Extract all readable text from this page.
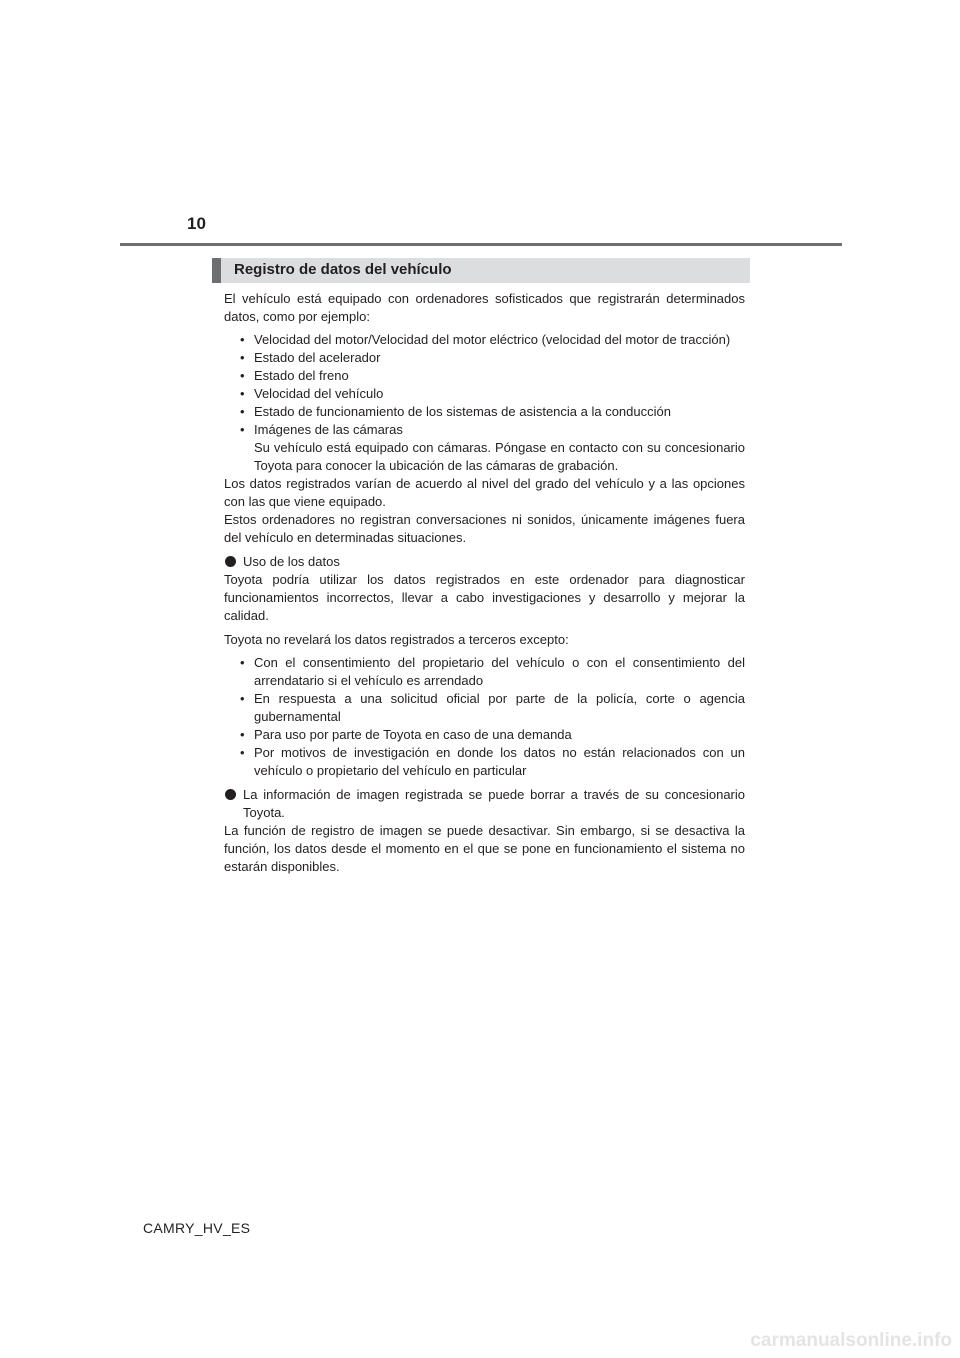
10
Registro de datos del vehículo

El vehículo está equipado con ordenadores sofisticados que registrarán determinados datos, como por ejemplo:

• Velocidad del motor/Velocidad del motor eléctrico (velocidad del motor de tracción)
• Estado del acelerador
• Estado del freno
• Velocidad del vehículo
• Estado de funcionamiento de los sistemas de asistencia a la conducción
• Imágenes de las cámaras
Su vehículo está equipado con cámaras. Póngase en contacto con su concesionario Toyota para conocer la ubicación de las cámaras de grabación.

Los datos registrados varían de acuerdo al nivel del grado del vehículo y a las opciones con las que viene equipado.

Estos ordenadores no registran conversaciones ni sonidos, únicamente imágenes fuera del vehículo en determinadas situaciones.

Uso de los datos

Toyota podría utilizar los datos registrados en este ordenador para diagnosticar funcionamientos incorrectos, llevar a cabo investigaciones y desarrollo y mejorar la calidad.

Toyota no revelará los datos registrados a terceros excepto:

• Con el consentimiento del propietario del vehículo o con el consentimiento del arrendatario si el vehículo es arrendado
• En respuesta a una solicitud oficial por parte de la policía, corte o agencia gubernamental
• Para uso por parte de Toyota en caso de una demanda
• Por motivos de investigación en donde los datos no están relacionados con un vehículo o propietario del vehículo en particular
La información de imagen registrada se puede borrar a través de su concesionario Toyota.

La función de registro de imagen se puede desactivar. Sin embargo, si se desactiva la función, los datos desde el momento en el que se pone en funcionamiento el sistema no estarán disponibles.

CAMRY_HV_ES
carmanualsonline.info
